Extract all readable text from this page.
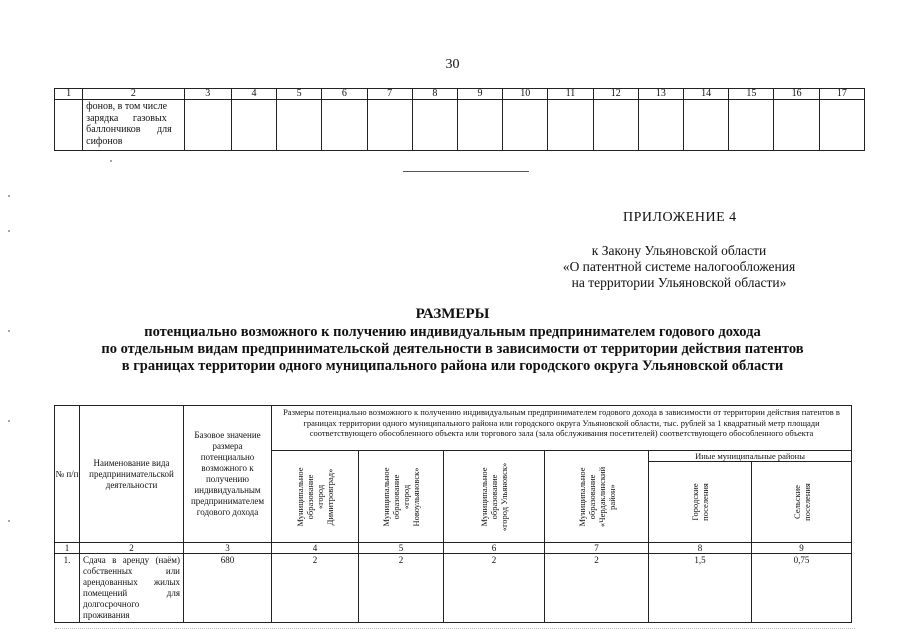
30
1	2	3	4	5	6	7	8	9	10	11	12	13	14	15	16	17

	фонов, в том числе
зарядка газовых
баллончиков для
сифонов															

ПРИЛОЖЕНИЕ 4
к Закону Ульяновской области
«О патентной системе налогообложения
на территории Ульяновской области»
РАЗМЕРЫ
потенциально возможного к получению индивидуальным предпринимателем годового дохода
по отдельным видам предпринимательской деятельности в зависимости от территории действия патентов
в границах территории одного муниципального района или городского округа Ульяновской области
№ п/п	Наименование вида предпринимательской деятельности	Базовое значение размера потенциально возможного к получению индивидуальным предпринимателем годового дохода	Размеры потенциально возможного к получению индивидуальным предпринимателем годового дохода в зависимости от территории действия патентов в границах территории одного муниципального района или городского округа Ульяновской области, тыс. рублей за 1 квадратный метр площади соответствующего обособленного объекта или торгового зала (зала обслуживания посетителей) соответствующего обособленного объекта					

			Муниципальное образование «город Димитровград»	Муниципальное образование «город Новоульяновск»	Муниципальное образование «город Ульяновск»	Муниципальное образование «Чердаклинский район»	Иные муниципальные районы	

							Городские поселения	Сельские поселения

1	2	3	4	5	6	7	8	9
1.	Сдача в аренду (наём) собственных или арендованных жилых помещений для долгосрочного проживания	680	2	2	2	2	1,5	0,75
